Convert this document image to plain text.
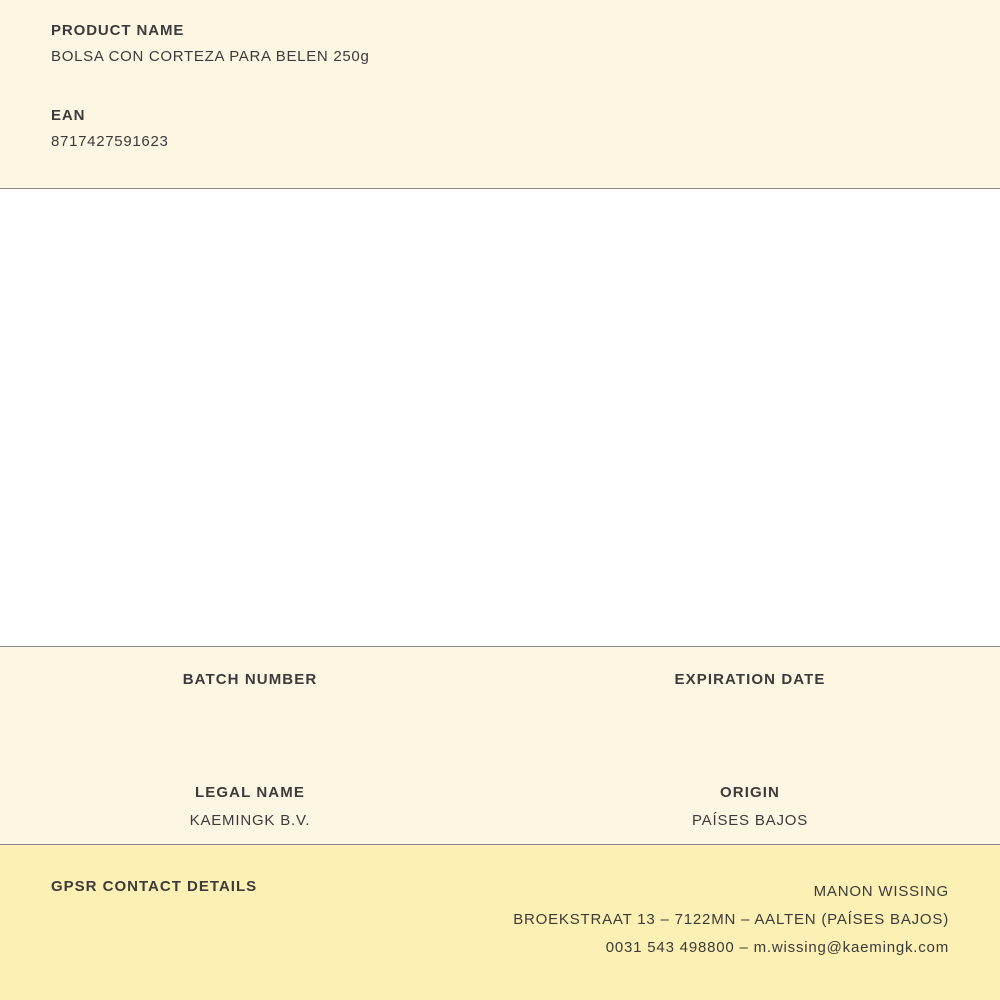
PRODUCT NAME

BOLSA CON CORTEZA PARA BELEN 250g

EAN

8717427591623

BATCH NUMBER	EXPIRATION DATE

LEGAL NAME

KAEMINGK B.V.

ORIGIN

PAÍSES BAJOS

GPSR CONTACT DETAILS	MANON WISSING
BROEKSTRAAT 13 – 7122MN – AALTEN (PAÍSES BAJOS)
0031 543 498800 – m.wissing@kaemingk.com
